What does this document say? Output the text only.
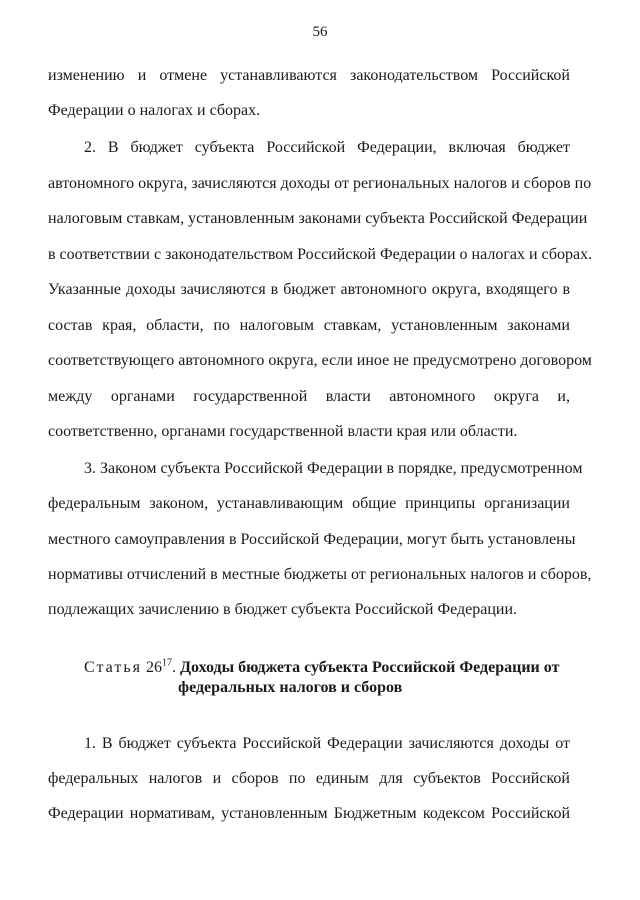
56
изменению и отмене устанавливаются законодательством Российской
Федерации о налогах и сборах.
2. В бюджет субъекта Российской Федерации, включая бюджет
автономного округа, зачисляются доходы от региональных налогов и сборов по
налоговым ставкам, установленным законами субъекта Российской Федерации
в соответствии с законодательством Российской Федерации о налогах и сборах.
Указанные доходы зачисляются в бюджет автономного округа, входящего в
состав края, области, по налоговым ставкам, установленным законами
соответствующего автономного округа, если иное не предусмотрено договором
между органами государственной власти автономного округа и,
соответственно, органами государственной власти края или области.
3. Законом субъекта Российской Федерации в порядке, предусмотренном
федеральным законом, устанавливающим общие принципы организации
местного самоуправления в Российской Федерации, могут быть установлены
нормативы отчислений в местные бюджеты от региональных налогов и сборов,
подлежащих зачислению в бюджет субъекта Российской Федерации.
Статья $26^{17}$. Доходы бюджета субъекта Российской Федерации от
федеральных налогов и сборов
1. В бюджет субъекта Российской Федерации зачисляются доходы от
федеральных налогов и сборов по единым для субъектов Российской
Федерации нормативам, установленным Бюджетным кодексом Российской
